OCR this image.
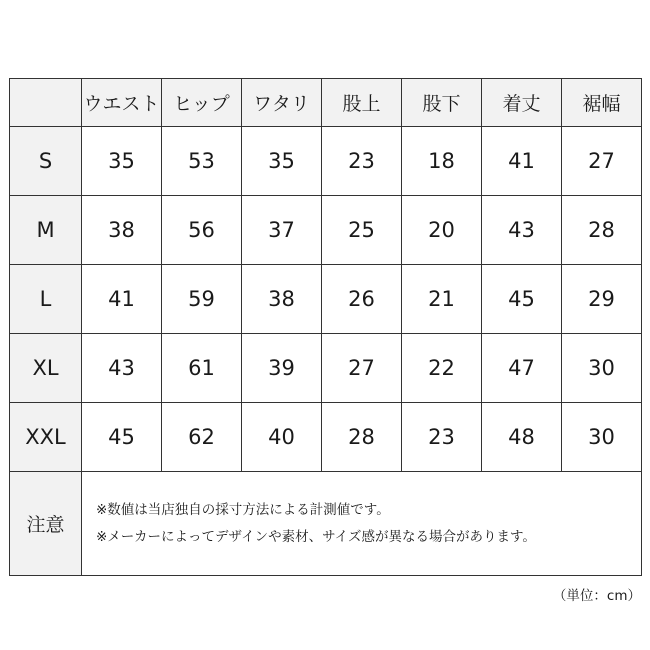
	ウエスト	ヒップ	ワタリ	股上	股下	着丈	裾幅
S	35	53	35	23	18	41	27
M	38	56	37	25	20	43	28
L	41	59	38	26	21	45	29
XL	43	61	39	27	22	47	30
XXL	45	62	40	28	23	48	30
注意	※数値は当店独自の採寸方法による計測値です。
※メーカーによってデザインや素材、サイズ感が異なる場合があります。						
（単位：cm）
